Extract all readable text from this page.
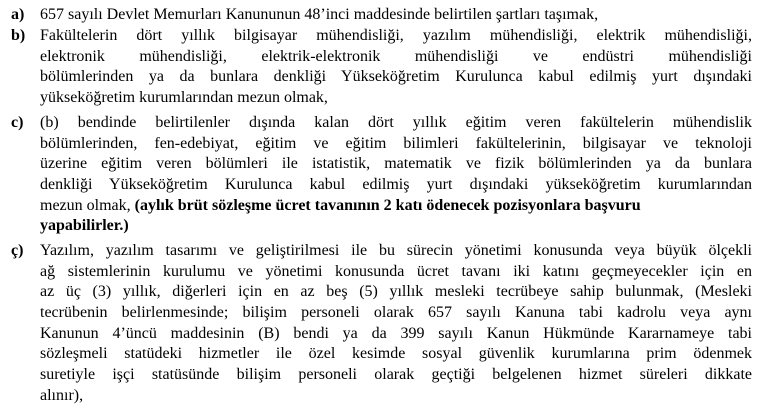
a) 657 sayılı Devlet Memurları Kanununun 48’inci maddesinde belirtilen şartları taşımak,
b) Fakültelerin dört yıllık bilgisayar mühendisliği, yazılım mühendisliği, elektrik mühendisliği,
elektronik mühendisliği, elektrik-elektronik mühendisliği ve endüstri mühendisliği
bölümlerinden ya da bunlara denkliği Yükseköğretim Kurulunca kabul edilmiş yurt dışındaki
yükseköğretim kurumlarından mezun olmak,
c) (b) bendinde belirtilenler dışında kalan dört yıllık eğitim veren fakültelerin mühendislik
bölümlerinden, fen-edebiyat, eğitim ve eğitim bilimleri fakültelerinin, bilgisayar ve teknoloji
üzerine eğitim veren bölümleri ile istatistik, matematik ve fizik bölümlerinden ya da bunlara
denkliği Yükseköğretim Kurulunca kabul edilmiş yurt dışındaki yükseköğretim kurumlarından
mezun olmak, (aylık brüt sözleşme ücret tavanının 2 katı ödenecek pozisyonlara başvuru
yapabilirler.)
ç) Yazılım, yazılım tasarımı ve geliştirilmesi ile bu sürecin yönetimi konusunda veya büyük ölçekli
ağ sistemlerinin kurulumu ve yönetimi konusunda ücret tavanı iki katını geçmeyecekler için en
az üç (3) yıllık, diğerleri için en az beş (5) yıllık mesleki tecrübeye sahip bulunmak, (Mesleki
tecrübenin belirlenmesinde; bilişim personeli olarak 657 sayılı Kanuna tabi kadrolu veya aynı
Kanunun 4’üncü maddesinin (B) bendi ya da 399 sayılı Kanun Hükmünde Kararnameye tabi
sözleşmeli statüdeki hizmetler ile özel kesimde sosyal güvenlik kurumlarına prim ödenmek
suretiyle işçi statüsünde bilişim personeli olarak geçtiği belgelenen hizmet süreleri dikkate
alınır),
